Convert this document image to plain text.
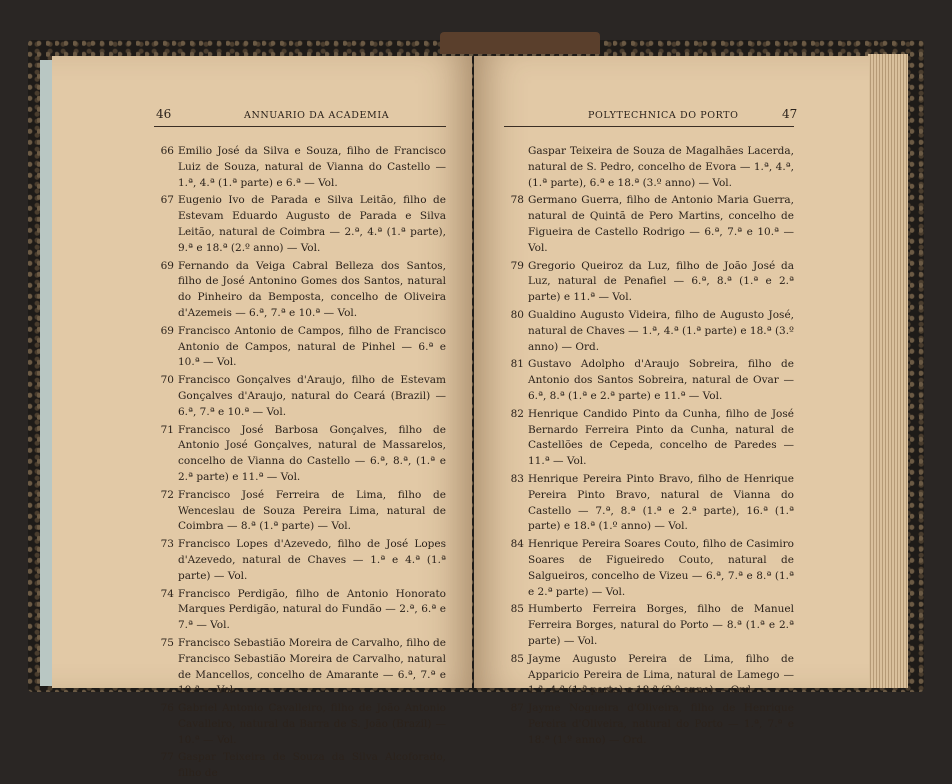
46	ANNUARIO DA ACADEMIA
66 Emilio José da Silva e Souza, filho de Francisco Luiz de Souza, natural de Vianna do Castello — 1.ª, 4.ª (1.ª parte) e 6.ª — Vol.
67 Eugenio Ivo de Parada e Silva Leitão, filho de Estevam Eduardo Augusto de Parada e Silva Leitão, natural de Coimbra — 2.ª, 4.ª (1.ª parte), 9.ª e 18.ª (2.º anno) — Vol.
69 Fernando da Veiga Cabral Belleza dos Santos, filho de José Antonino Gomes dos Santos, natural do Pinheiro da Bemposta, concelho de Oliveira d'Azemeis — 6.ª, 7.ª e 10.ª — Vol.
69 Francisco Antonio de Campos, filho de Francisco Antonio de Campos, natural de Pinhel — 6.ª e 10.ª — Vol.
70 Francisco Gonçalves d'Araujo, filho de Estevam Gonçalves d'Araujo, natural do Ceará (Brazil) — 6.ª, 7.ª e 10.ª — Vol.
71 Francisco José Barbosa Gonçalves, filho de Antonio José Gonçalves, natural de Massarelos, concelho de Vianna do Castello — 6.ª, 8.ª, (1.ª e 2.ª parte) e 11.ª — Vol.
72 Francisco José Ferreira de Lima, filho de Wenceslau de Souza Pereira Lima, natural de Coimbra — 8.ª (1.ª parte) — Vol.
73 Francisco Lopes d'Azevedo, filho de José Lopes d'Azevedo, natural de Chaves — 1.ª e 4.ª (1.ª parte) — Vol.
74 Francisco Perdigão, filho de Antonio Honorato Marques Perdigão, natural do Fundão — 2.ª, 6.ª e 7.ª — Vol.
75 Francisco Sebastião Moreira de Carvalho, filho de Francisco Sebastião Moreira de Carvalho, natural de Mancellos, concelho de Amarante — 6.ª, 7.ª e 10.ª — Vol.
76 Gabriel Antonio Cavalleiro, filho de João Antonio Cavalleiro, natural da Barra de S. João (Brazil) — 10.ª — Vol.
77 Gaspar Teixeira de Souza da Silva Alcoforado, filho de
POLYTECHNICA DO PORTO	47
Gaspar Teixeira de Souza de Magalhães Lacerda, natural de S. Pedro, concelho de Evora — 1.ª, 4.ª, (1.ª parte), 6.ª e 18.ª (3.º anno) — Vol.
78 Germano Guerra, filho de Antonio Maria Guerra, natural de Quintã de Pero Martins, concelho de Figueira de Castello Rodrigo — 6.ª, 7.ª e 10.ª — Vol.
79 Gregorio Queiroz da Luz, filho de João José da Luz, natural de Penafiel — 6.ª, 8.ª (1.ª e 2.ª parte) e 11.ª — Vol.
80 Gualdino Augusto Videira, filho de Augusto José, natural de Chaves — 1.ª, 4.ª (1.ª parte) e 18.ª (3.º anno) — Ord.
81 Gustavo Adolpho d'Araujo Sobreira, filho de Antonio dos Santos Sobreira, natural de Ovar — 6.ª, 8.ª (1.ª e 2.ª parte) e 11.ª — Vol.
82 Henrique Candido Pinto da Cunha, filho de José Bernardo Ferreira Pinto da Cunha, natural de Castellões de Cepeda, concelho de Paredes — 11.ª — Vol.
83 Henrique Pereira Pinto Bravo, filho de Henrique Pereira Pinto Bravo, natural de Vianna do Castello — 7.ª, 8.ª (1.ª e 2.ª parte), 16.ª (1.ª parte) e 18.ª (1.º anno) — Vol.
84 Henrique Pereira Soares Couto, filho de Casimiro Soares de Figueiredo Couto, natural de Salgueiros, concelho de Vizeu — 6.ª, 7.ª e 8.ª (1.ª e 2.ª parte) — Vol.
85 Humberto Ferreira Borges, filho de Manuel Ferreira Borges, natural do Porto — 8.ª (1.ª e 2.ª parte) — Vol.
85 Jayme Augusto Pereira de Lima, filho de Apparicio Pereira de Lima, natural de Lamego — 1.ª, 4.ª (1.ª parte) e 18.ª (3.º anno) — Ord.
87 Jayme Nogueira d'Oliveira, filho de Henrique Pereira d'Oliveira, natural do Porto — 1.ª, 7.ª e 18.ª (1.º anno) — Ord.
